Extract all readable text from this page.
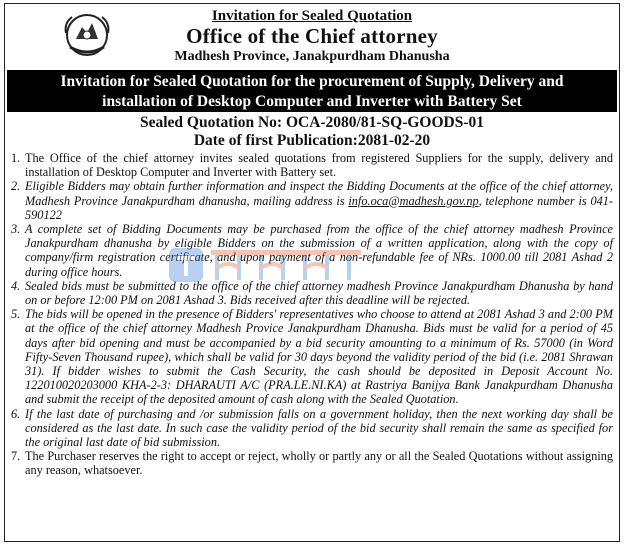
Invitation for Sealed Quotation
Office of the Chief attorney
Madhesh Province, Janakpurdham Dhanusha
Invitation for Sealed Quotation for the procurement of Supply, Delivery and
installation of Desktop Computer and Inverter with Battery Set
Sealed Quotation No: OCA-2080/81-SQ-GOODS-01
Date of first Publication:2081-02-20
1. The Office of the chief attorney invites sealed quotations from registered Suppliers for the supply, delivery and installation of Desktop Computer and Inverter with Battery set.
2. Eligible Bidders may obtain further information and inspect the Bidding Documents at the office of the chief attorney, Madhesh Province Janakpurdham dhanusha, mailing address is info.oca@madhesh.gov.np, telephone number is 041-590122
3. A complete set of Bidding Documents may be purchased from the office of the chief attorney madhesh Province Janakpurdham dhanusha by eligible Bidders on the submission of a written application, along with the copy of company/firm registration certificate, and upon payment of a non-refundable fee of NRs. 1000.00 till 2081 Ashad 2 during office hours.
4. Sealed bids must be submitted to the office of the chief attorney madhesh Province Janakpurdham Dhanusha by hand on or before 12:00 PM on 2081 Ashad 3. Bids received after this deadline will be rejected.
5. The bids will be opened in the presence of Bidders' representatives who choose to attend at 2081 Ashad 3 and 2:00 PM at the office of the chief attorney Madhesh Provice Janakpurdham Dhanusha. Bids must be valid for a period of 45 days after bid opening and must be accompanied by a bid security amounting to a minimum of Rs. 57000 (in Word Fifty-Seven Thousand rupee), which shall be valid for 30 days beyond the validity period of the bid (i.e. 2081 Shrawan 31). If bidder wishes to submit the Cash Security, the cash should be deposited in Deposit Account No. 122010020203000 KHA-2-3: DHARAUTI A/C (PRA.LE.NI.KA) at Rastriya Banijya Bank Janakpurdham Dhanusha and submit the receipt of the deposited amount of cash along with the Sealed Quotation.
6. If the last date of purchasing and /or submission falls on a government holiday, then the next working day shall be considered as the last date. In such case the validity period of the bid security shall remain the same as specified for the original last date of bid submission.
7. The Purchaser reserves the right to accept or reject, wholly or partly any or all the Sealed Quotations without assigning any reason, whatsoever.
